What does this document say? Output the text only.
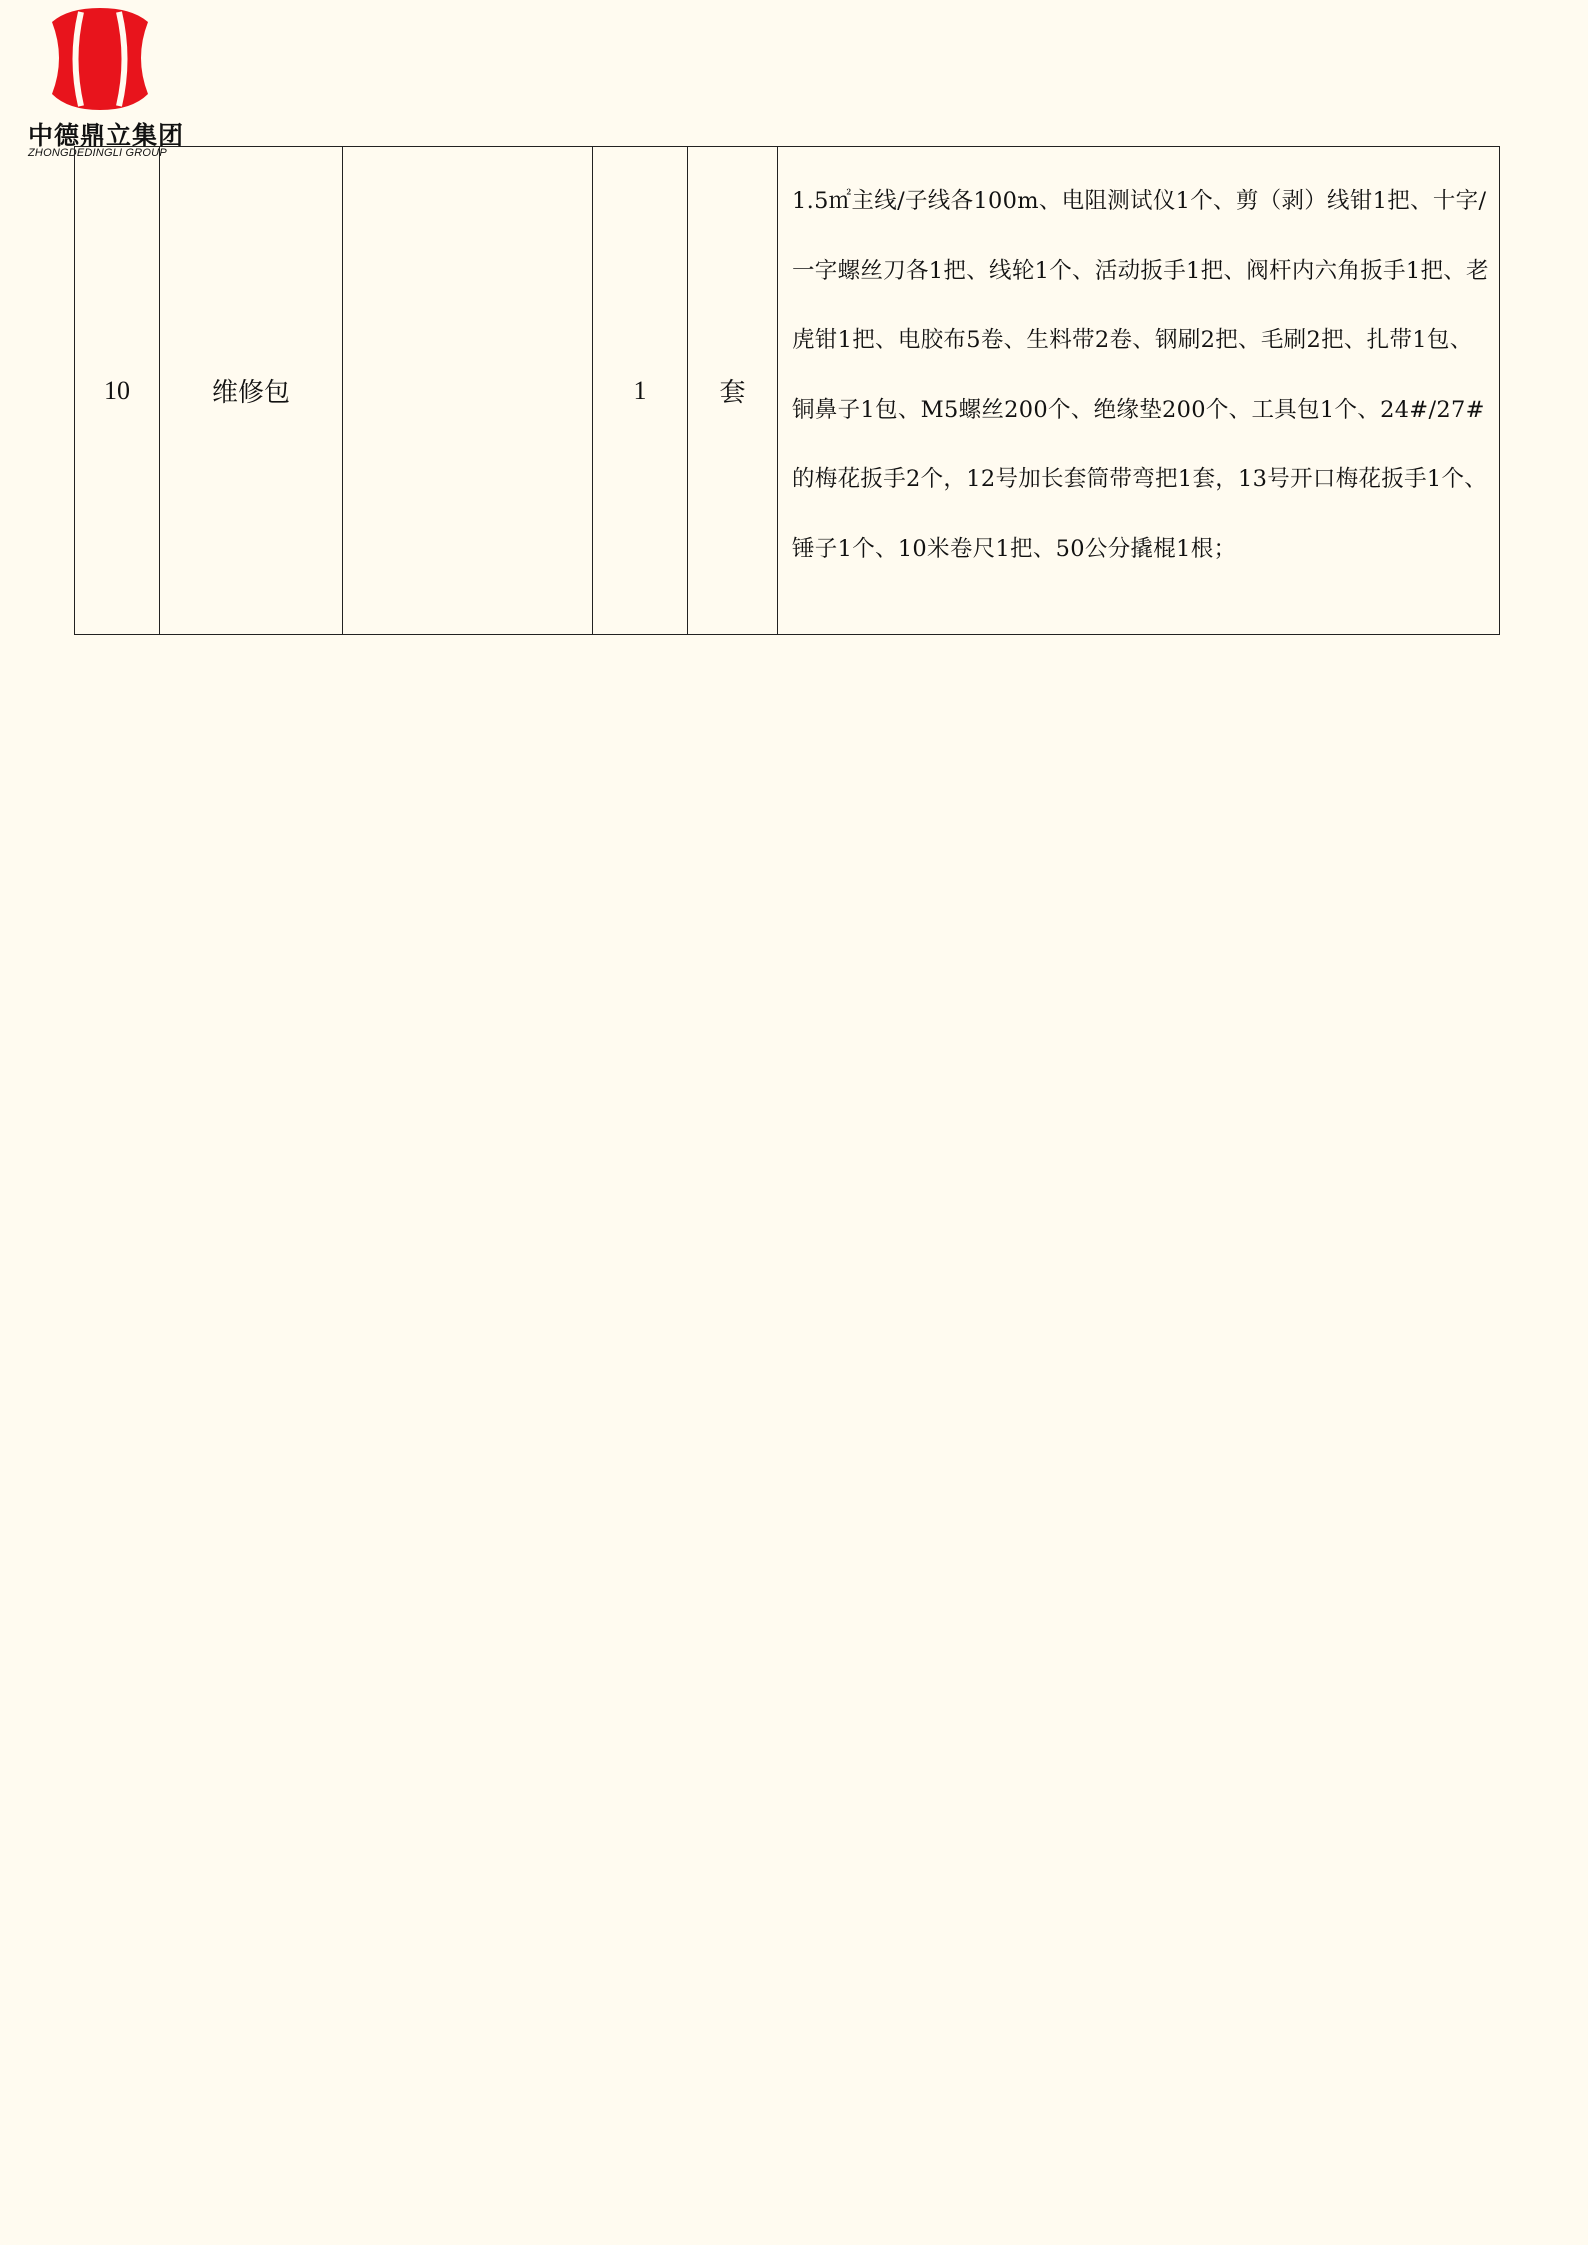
中德鼎立集团
ZHONGDEDINGLI GROUP
10	维修包		1	套	1.5㎡主线/子线各100m、电阻测试仪1个、剪（剥）线钳1把、十字/一字螺丝刀各1把、线轮1个、活动扳手1把、阀杆内六角扳手1把、老虎钳1把、电胶布5卷、生料带2卷、钢刷2把、毛刷2把、扎带1包、铜鼻子1包、M5螺丝200个、绝缘垫200个、工具包1个、24#/27#的梅花扳手2个，12号加长套筒带弯把1套，13号开口梅花扳手1个、锤子1个、10米卷尺1把、50公分撬棍1根；
